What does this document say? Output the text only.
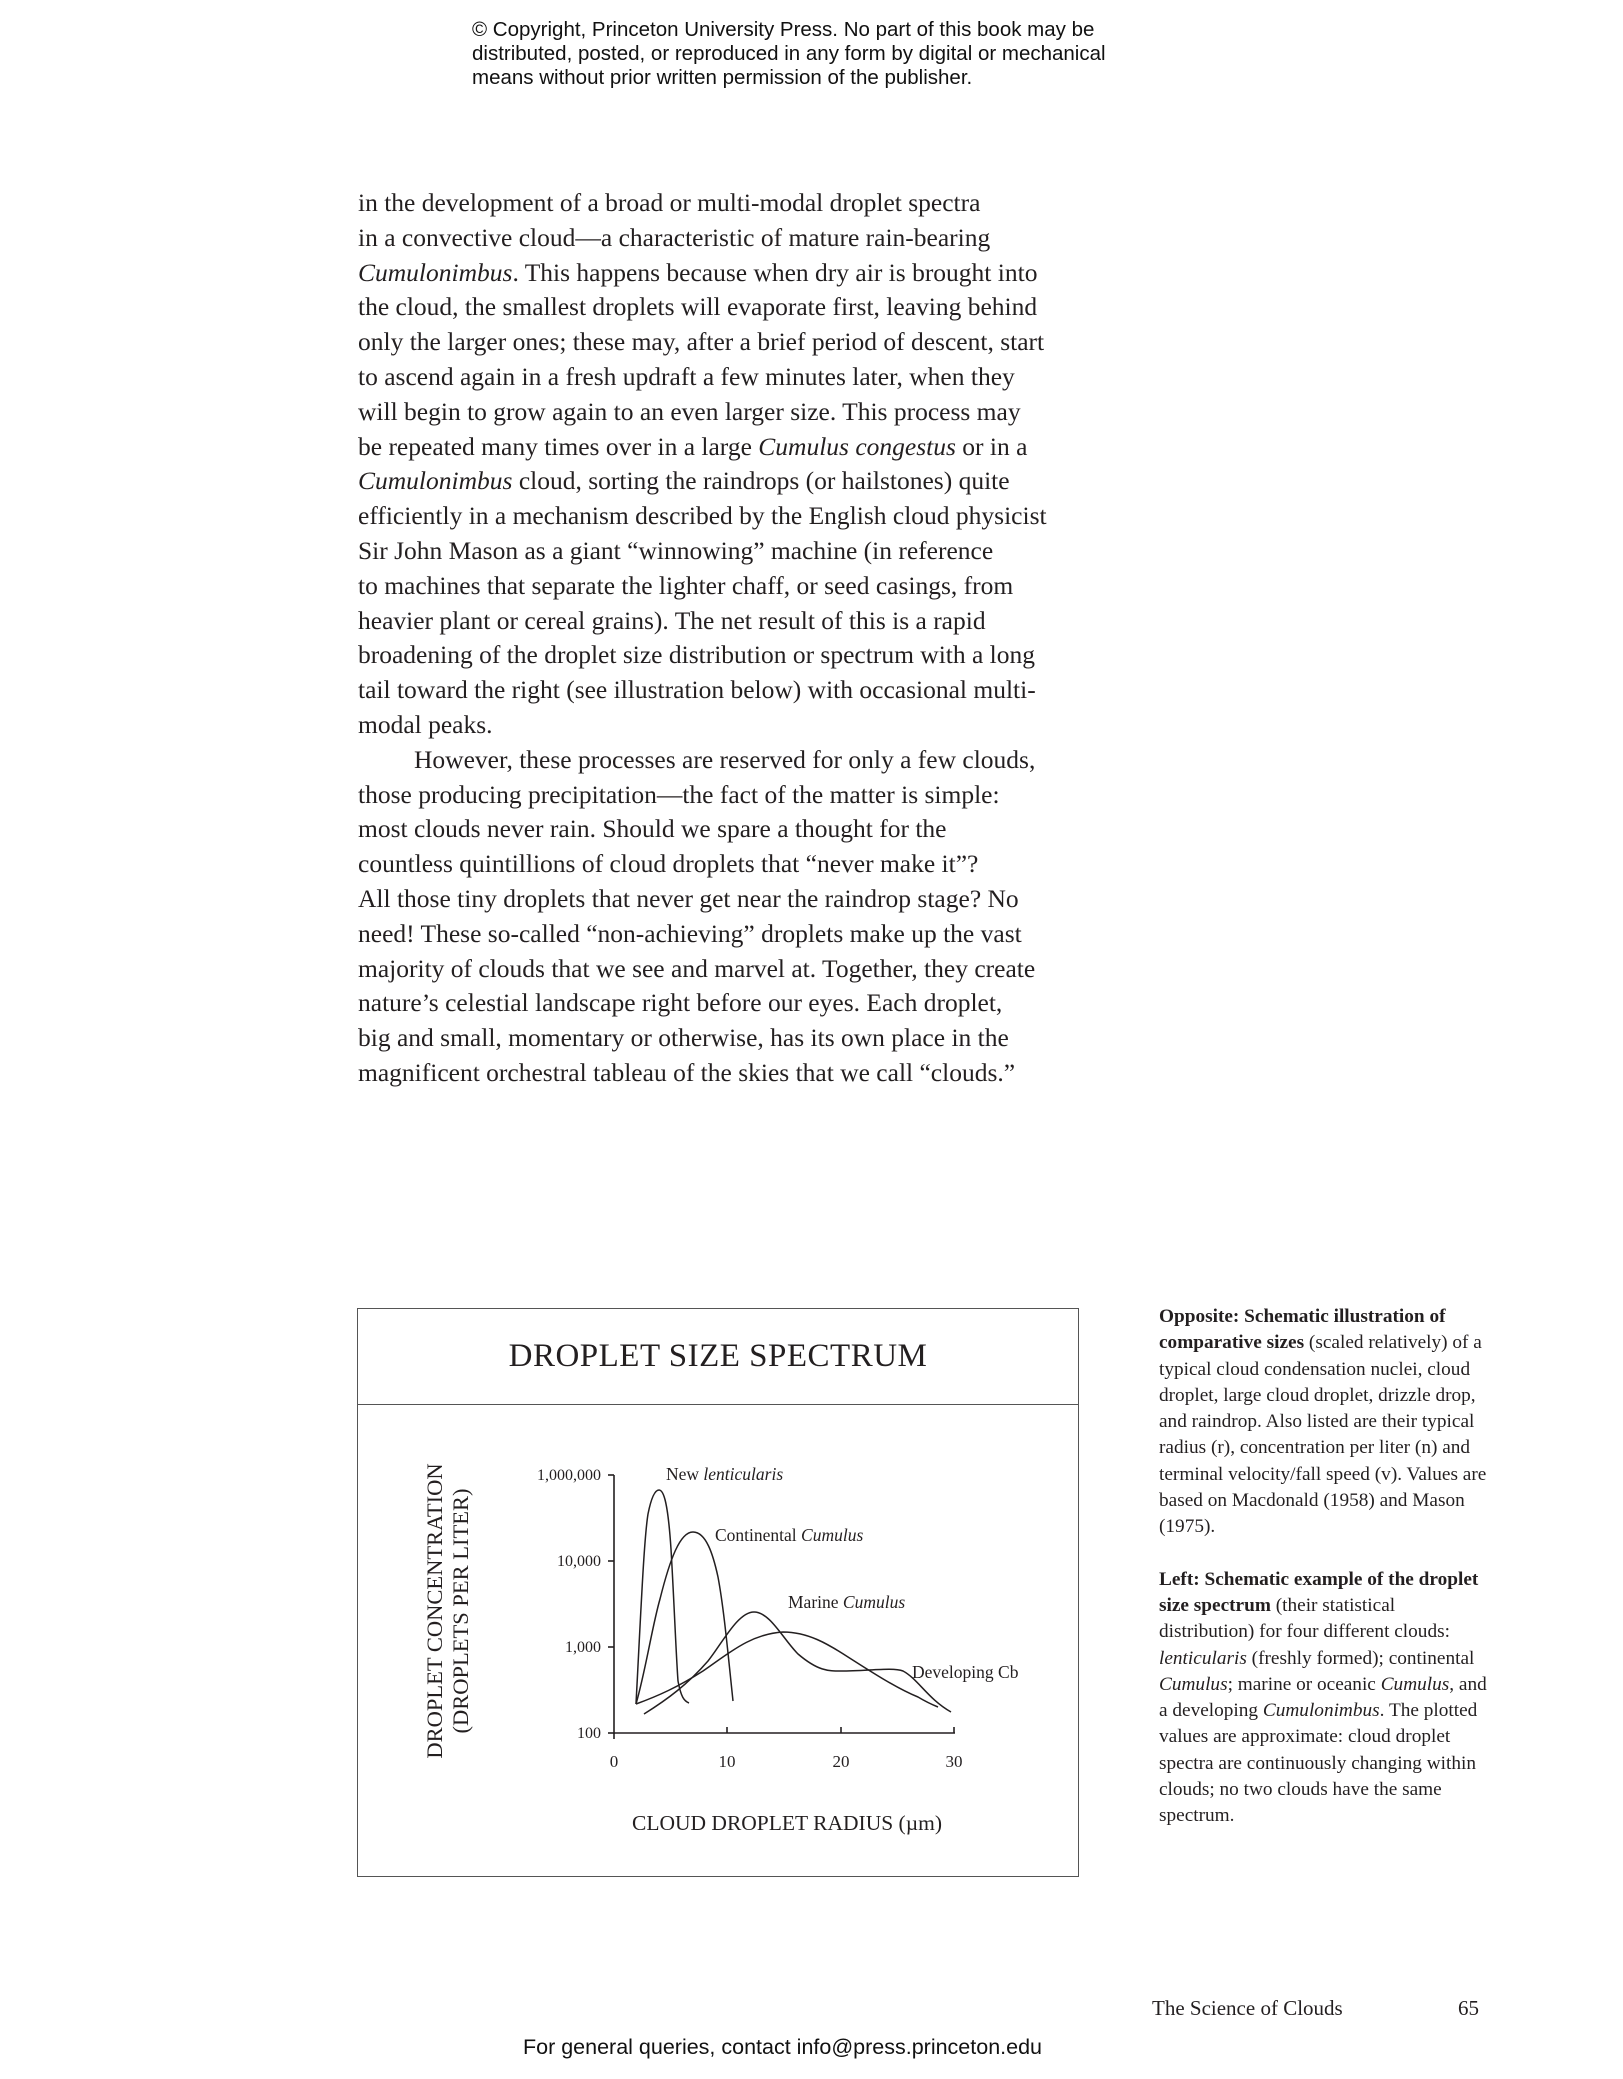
© Copyright, Princeton University Press. No part of this book may be
distributed, posted, or reproduced in any form by digital or mechanical
means without prior written permission of the publisher.
in the development of a broad or multi-modal droplet spectra
in a convective cloud—a characteristic of mature rain-bearing
Cumulonimbus. This happens because when dry air is brought into
the cloud, the smallest droplets will evaporate first, leaving behind
only the larger ones; these may, after a brief period of descent, start
to ascend again in a fresh updraft a few minutes later, when they
will begin to grow again to an even larger size. This process may
be repeated many times over in a large Cumulus congestus or in a
Cumulonimbus cloud, sorting the raindrops (or hailstones) quite
efficiently in a mechanism described by the English cloud physicist
Sir John Mason as a giant “winnowing” machine (in reference
to machines that separate the lighter chaff, or seed casings, from
heavier plant or cereal grains). The net result of this is a rapid
broadening of the droplet size distribution or spectrum with a long
tail toward the right (see illustration below) with occasional multi-
modal peaks.
However, these processes are reserved for only a few clouds,
those producing precipitation—the fact of the matter is simple:
most clouds never rain. Should we spare a thought for the
countless quintillions of cloud droplets that “never make it”?
All those tiny droplets that never get near the raindrop stage? No
need! These so-called “non-achieving” droplets make up the vast
majority of clouds that we see and marvel at. Together, they create
nature’s celestial landscape right before our eyes. Each droplet,
big and small, momentary or otherwise, has its own place in the
magnificent orchestral tableau of the skies that we call “clouds.”
DROPLET SIZE SPECTRUM
DROPLET CONCENTRATION (DROPLETS PER LITER)
1,000,000
10,000
1,000
100
0	10	20	30
CLOUD DROPLET RADIUS (µm)
New lenticularis
Continental Cumulus
Marine Cumulus
Developing Cb

Opposite: Schematic illustration of comparative sizes (scaled relatively) of a typical cloud condensation nuclei, cloud droplet, large cloud droplet, drizzle drop, and raindrop. Also listed are their typical radius (r), concentration per liter (n) and terminal velocity/fall speed (v). Values are based on Macdonald (1958) and Mason (1975).

Left: Schematic example of the droplet size spectrum (their statistical distribution) for four different clouds: lenticularis (freshly formed); continental Cumulus; marine or oceanic Cumulus, and a developing Cumulonimbus. The plotted values are approximate: cloud droplet spectra are continuously changing within clouds; no two clouds have the same spectrum.

The Science of Clouds	65
For general queries, contact info@press.princeton.edu
